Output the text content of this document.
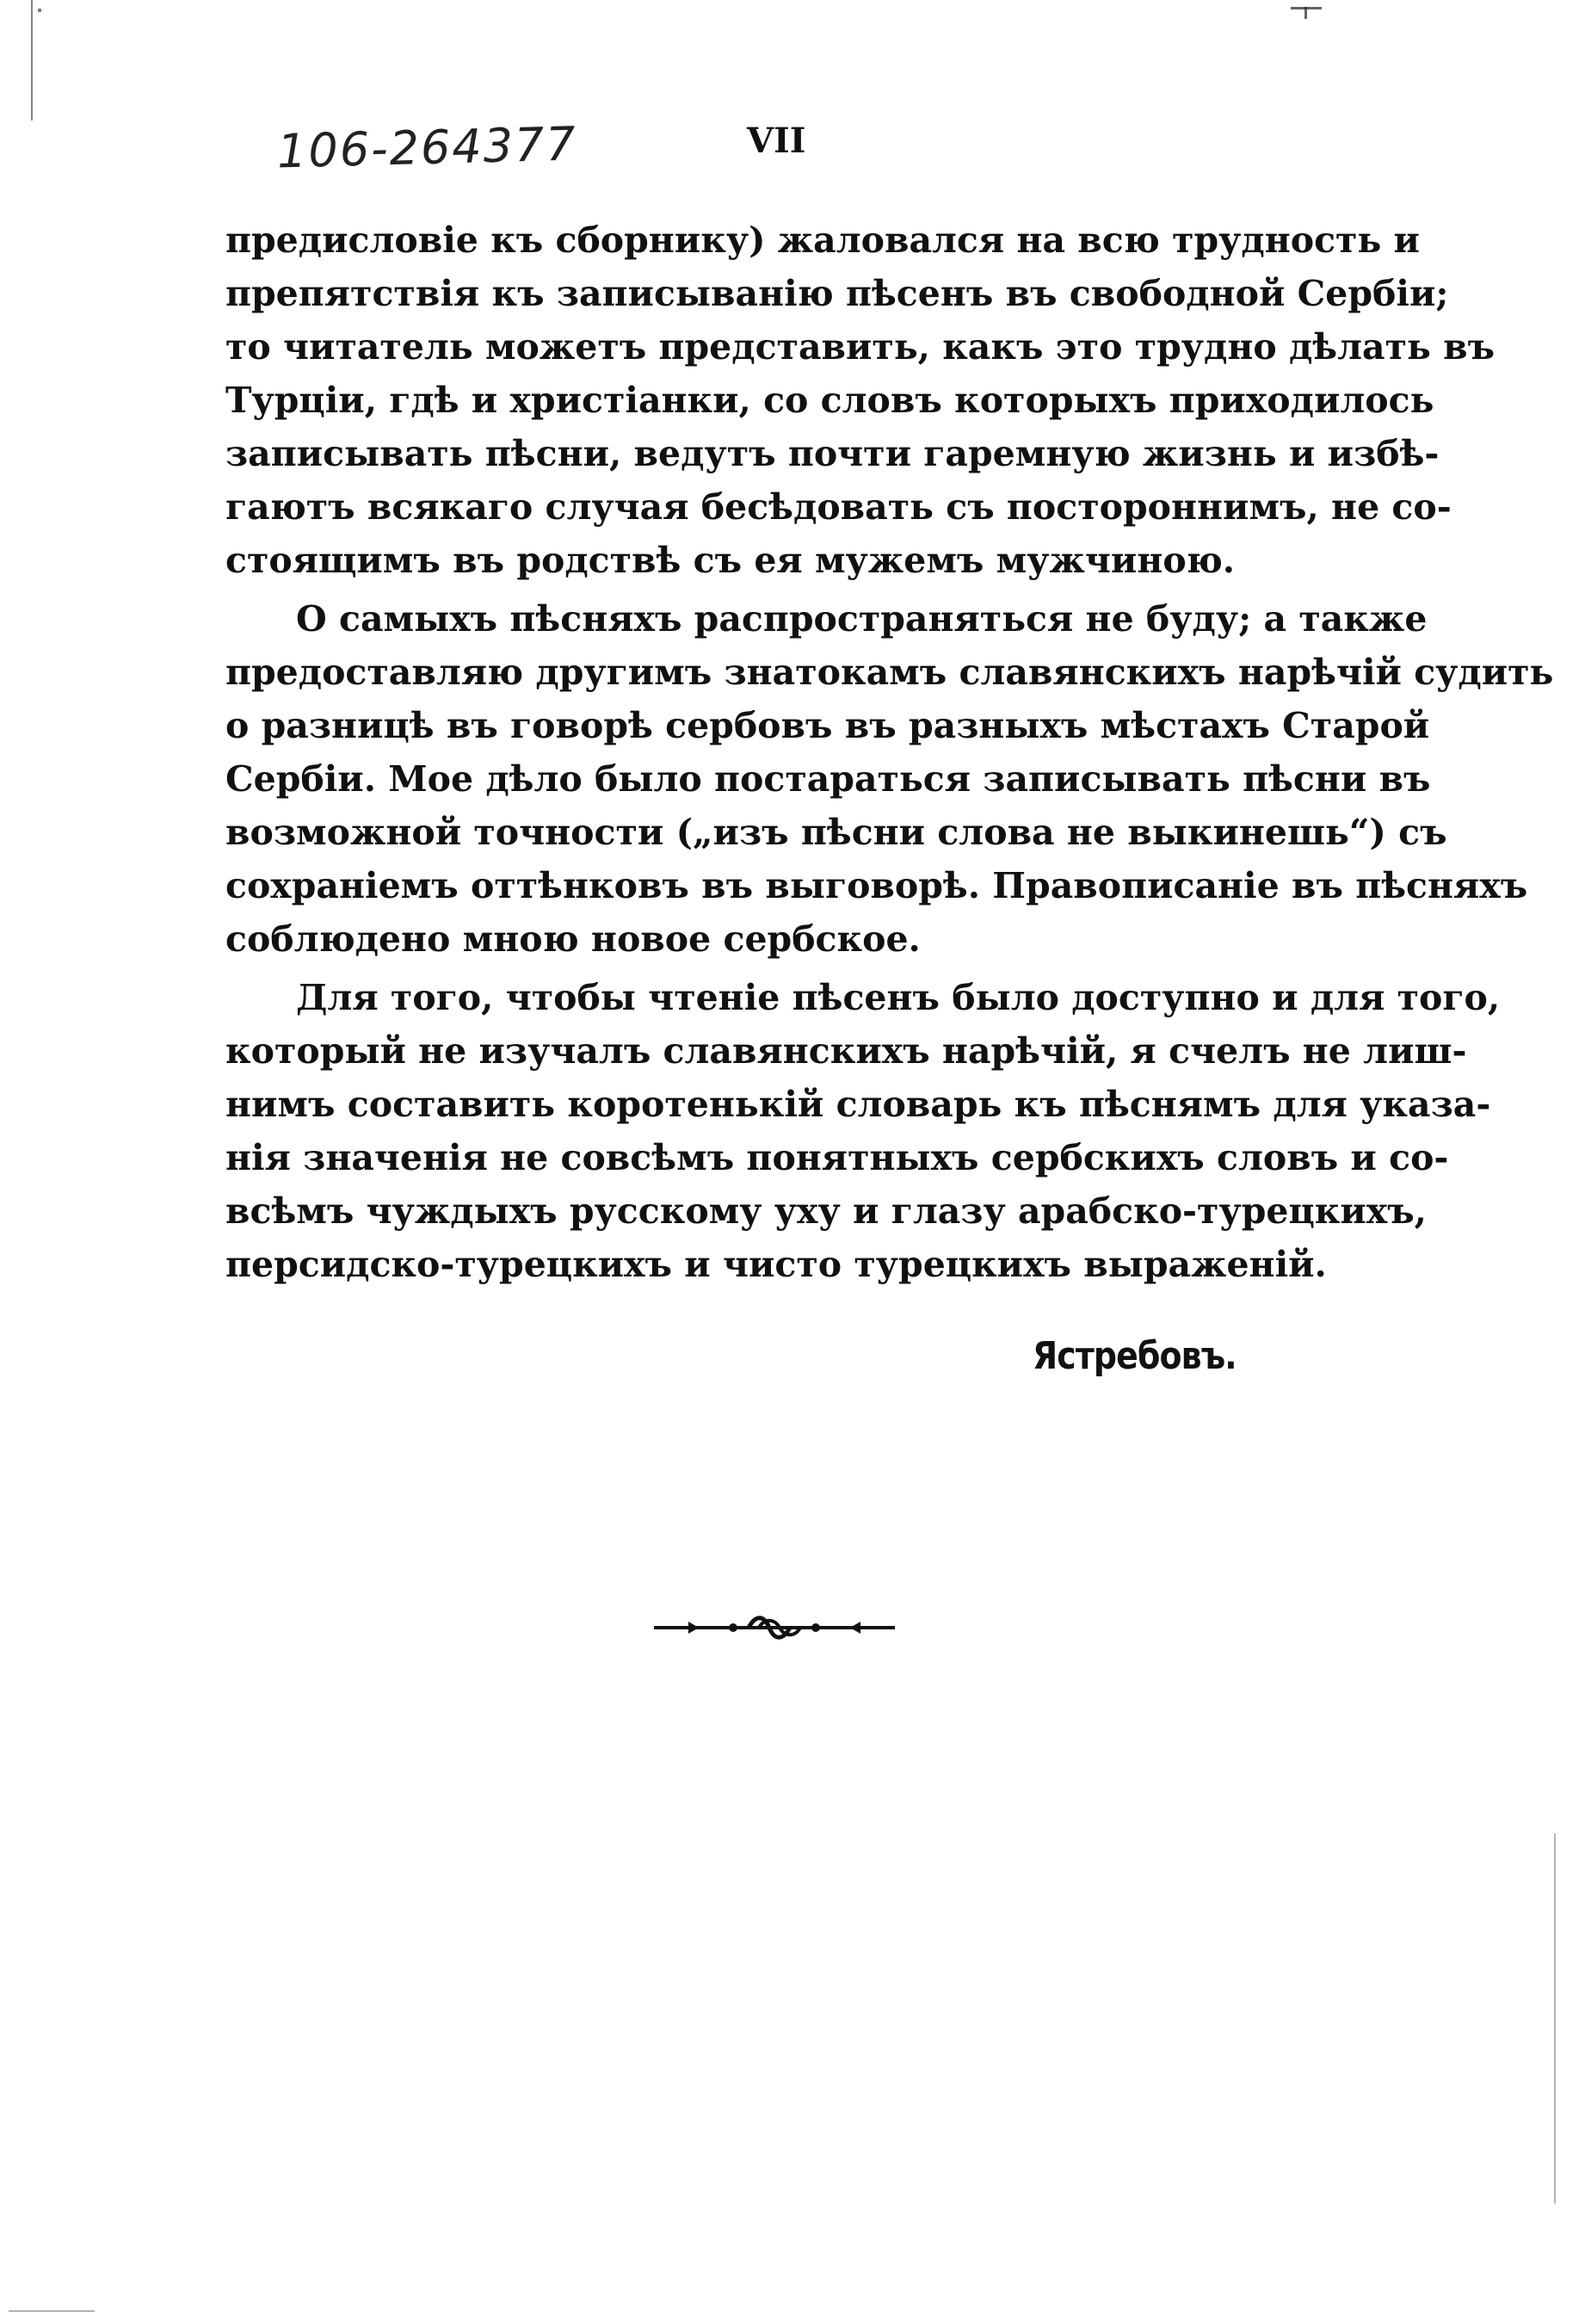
106-264377	VII
предисловіе къ сборнику) жаловался на всю трудность и
препятствія къ записыванію пѣсенъ въ свободной Сербіи;
то читатель можетъ представить, какъ это трудно дѣлать въ
Турціи, гдѣ и христіанки, со словъ которыхъ приходилось
записывать пѣсни, ведутъ почти гаремную жизнь и избѣ-
гаютъ всякаго случая бесѣдовать съ постороннимъ, не со-
стоящимъ въ родствѣ съ ея мужемъ мужчиною.
О самыхъ пѣсняхъ распространяться не буду; а также
предоставляю другимъ знатокамъ славянскихъ нарѣчій судить
о разницѣ въ говорѣ сербовъ въ разныхъ мѣстахъ Старой
Сербіи. Мое дѣло было постараться записывать пѣсни въ
возможной точности („изъ пѣсни слова не выкинешь“) съ
сохраніемъ оттѣнковъ въ выговорѣ. Правописаніе въ пѣсняхъ
соблюдено мною новое сербское.
Для того, чтобы чтеніе пѣсенъ было доступно и для того,
который не изучалъ славянскихъ нарѣчій, я счелъ не лиш-
нимъ составить коротенькій словарь къ пѣснямъ для указа-
нія значенія не совсѣмъ понятныхъ сербскихъ словъ и со-
всѣмъ чуждыхъ русскому уху и глазу арабско-турецкихъ,
персидско-турецкихъ и чисто турецкихъ выраженій.
Ястребовъ.
